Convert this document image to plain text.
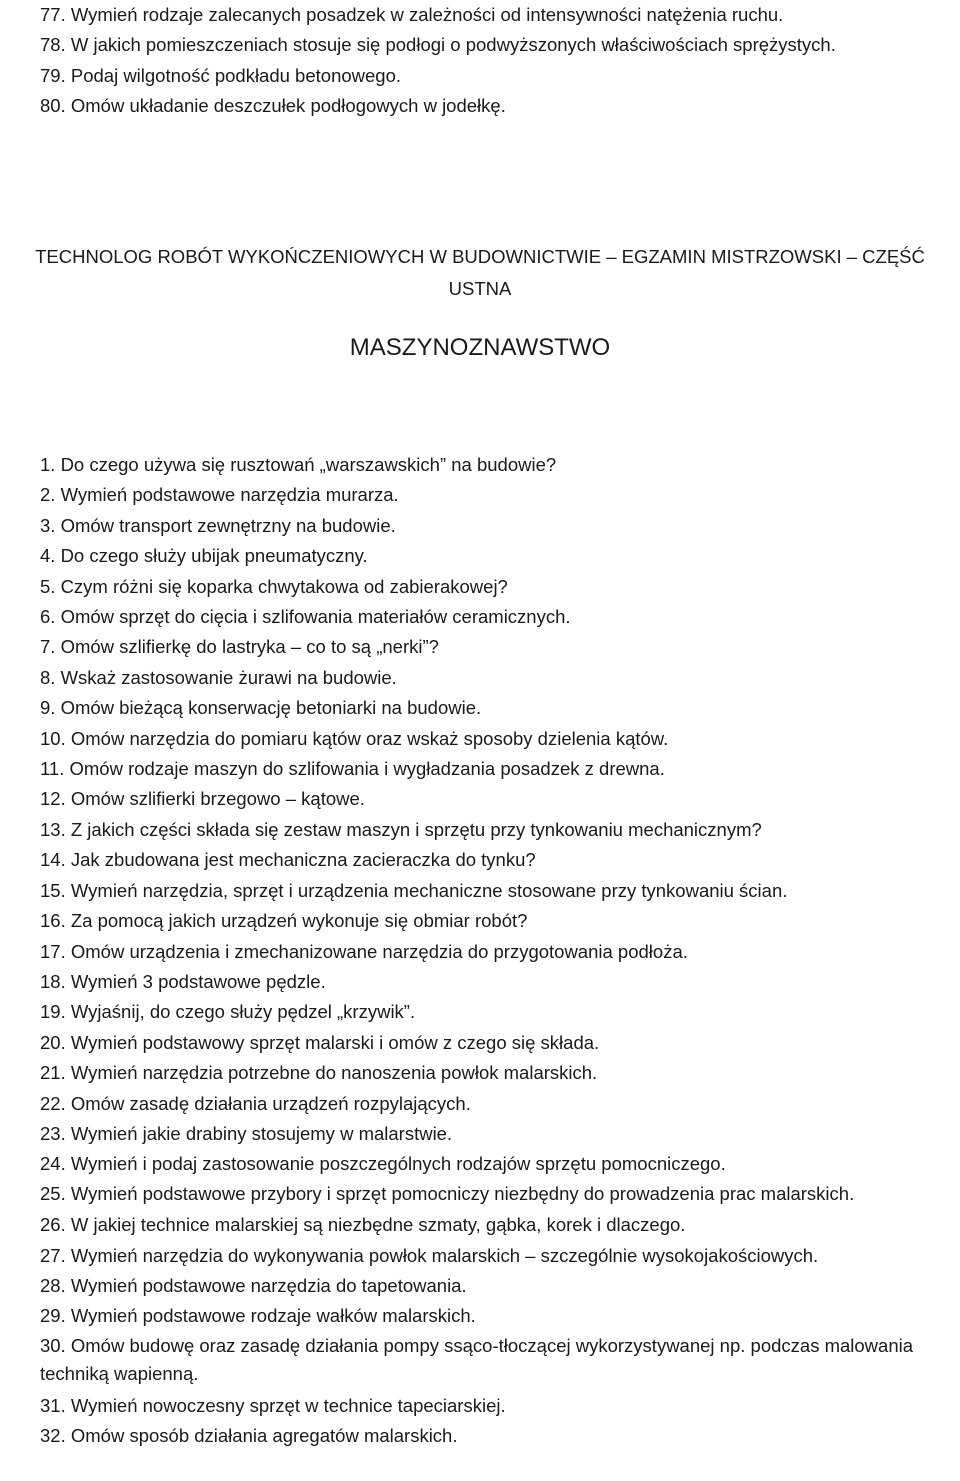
77. Wymień rodzaje zalecanych posadzek w zależności od intensywności natężenia ruchu.
78. W jakich pomieszczeniach stosuje się podłogi o podwyższonych właściwościach sprężystych.
79. Podaj wilgotność podkładu betonowego.
80. Omów układanie deszczułek podłogowych w jodełkę.
TECHNOLOG ROBÓT WYKOŃCZENIOWYCH W BUDOWNICTWIE – EGZAMIN MISTRZOWSKI – CZĘŚĆ
USTNA
MASZYNOZNAWSTWO
1. Do czego używa się rusztowań „warszawskich” na budowie?
2. Wymień podstawowe narzędzia murarza.
3. Omów transport zewnętrzny na budowie.
4. Do czego służy ubijak pneumatyczny.
5. Czym różni się koparka chwytakowa od zabierakowej?
6. Omów sprzęt do cięcia i szlifowania materiałów ceramicznych.
7. Omów szlifierkę do lastryka – co to są „nerki”?
8. Wskaż zastosowanie żurawi na budowie.
9. Omów bieżącą konserwację betoniarki na budowie.
10. Omów narzędzia do pomiaru kątów oraz wskaż sposoby dzielenia kątów.
11. Omów rodzaje maszyn do szlifowania i wygładzania posadzek z drewna.
12. Omów szlifierki brzegowo – kątowe.
13. Z jakich części składa się zestaw maszyn i sprzętu przy tynkowaniu mechanicznym?
14. Jak zbudowana jest mechaniczna zacieraczka do tynku?
15. Wymień narzędzia, sprzęt i urządzenia mechaniczne stosowane przy tynkowaniu ścian.
16. Za pomocą jakich urządzeń wykonuje się obmiar robót?
17. Omów urządzenia i zmechanizowane narzędzia do przygotowania podłoża.
18. Wymień 3 podstawowe pędzle.
19. Wyjaśnij, do czego służy pędzel „krzywik”.
20. Wymień podstawowy sprzęt malarski i omów z czego się składa.
21. Wymień narzędzia potrzebne do nanoszenia powłok malarskich.
22. Omów zasadę działania urządzeń rozpylających.
23. Wymień jakie drabiny stosujemy w malarstwie.
24. Wymień i podaj zastosowanie poszczególnych rodzajów sprzętu pomocniczego.
25. Wymień podstawowe przybory i sprzęt pomocniczy niezbędny do prowadzenia prac malarskich.
26. W jakiej technice malarskiej są niezbędne szmaty, gąbka, korek i dlaczego.
27. Wymień narzędzia do wykonywania powłok malarskich – szczególnie wysokojakościowych.
28. Wymień podstawowe narzędzia do tapetowania.
29. Wymień podstawowe rodzaje wałków malarskich.
30. Omów budowę oraz zasadę działania pompy ssąco-tłoczącej wykorzystywanej np. podczas malowania techniką wapienną.
31. Wymień nowoczesny sprzęt w technice tapeciarskiej.
32. Omów sposób działania agregatów malarskich.
